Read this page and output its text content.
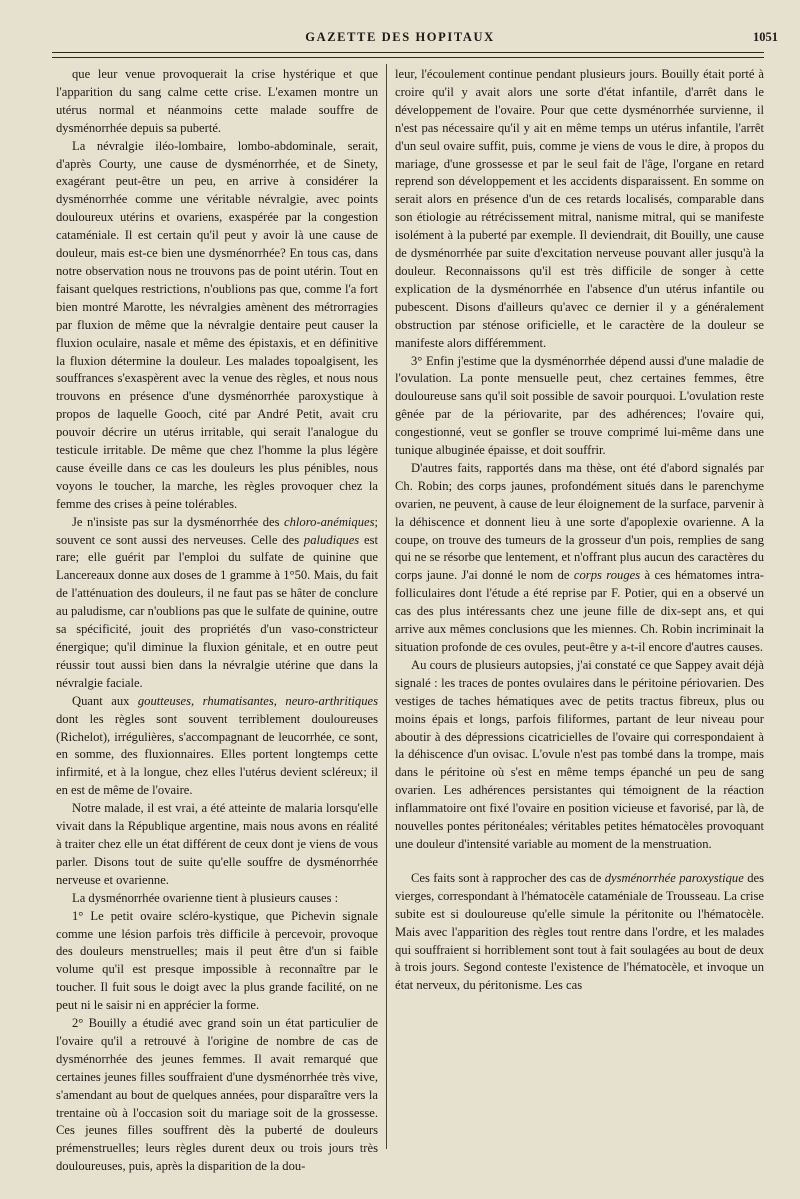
GAZETTE DES HOPITAUX	1051

que leur venue provoquerait la crise hystérique et que l'apparition du sang calme cette crise. L'examen montre un utérus normal et néanmoins cette malade souffre de dysménorrhée depuis sa puberté.

La névralgie iléo-lombaire, lombo-abdominale, serait, d'après Courty, une cause de dysménorrhée, et de Sinety, exagérant peut-être un peu, en arrive à considérer la dysménorrhée comme une véritable névralgie, avec points douloureux utérins et ovariens, exaspérée par la congestion cataméniale. Il est certain qu'il peut y avoir là une cause de douleur, mais est-ce bien une dysménorrhée? En tous cas, dans notre observation nous ne trouvons pas de point utérin. Tout en faisant quelques restrictions, n'oublions pas que, comme l'a fort bien montré Marotte, les névralgies amènent des métrorragies par fluxion de même que la névralgie dentaire peut causer la fluxion oculaire, nasale et même des épistaxis, et en définitive la fluxion détermine la douleur. Les malades topoalgisent, les souffrances s'exaspèrent avec la venue des règles, et nous nous trouvons en présence d'une dysménorrhée paroxystique à propos de laquelle Gooch, cité par André Petit, avait cru pouvoir décrire un utérus irritable, qui serait l'analogue du testicule irritable. De même que chez l'homme la plus légère cause éveille dans ce cas les douleurs les plus pénibles, nous voyons le toucher, la marche, les règles provoquer chez la femme des crises à peine tolérables.

Je n'insiste pas sur la dysménorrhée des chloro-anémiques; souvent ce sont aussi des nerveuses. Celle des paludiques est rare; elle guérit par l'emploi du sulfate de quinine que Lancereaux donne aux doses de 1 gramme à 1°50. Mais, du fait de l'atténuation des douleurs, il ne faut pas se hâter de conclure au paludisme, car n'oublions pas que le sulfate de quinine, outre sa spécificité, jouit des propriétés d'un vaso-constricteur énergique; qu'il diminue la fluxion génitale, et en outre peut réussir tout aussi bien dans la névralgie utérine que dans la névralgie faciale.

Quant aux goutteuses, rhumatisantes, neuro-arthritiques dont les règles sont souvent terriblement douloureuses (Richelot), irrégulières, s'accompagnant de leucorrhée, ce sont, en somme, des fluxionnaires. Elles portent longtemps cette infirmité, et à la longue, chez elles l'utérus devient scléreux; il en est de même de l'ovaire.

Notre malade, il est vrai, a été atteinte de malaria lorsqu'elle vivait dans la République argentine, mais nous avons en réalité à traiter chez elle un état différent de ceux dont je viens de vous parler. Disons tout de suite qu'elle souffre de dysménorrhée nerveuse et ovarienne.

La dysménorrhée ovarienne tient à plusieurs causes :

1° Le petit ovaire scléro-kystique, que Pichevin signale comme une lésion parfois très difficile à percevoir, provoque des douleurs menstruelles; mais il peut être d'un si faible volume qu'il est presque impossible à reconnaître par le toucher. Il fuit sous le doigt avec la plus grande facilité, on ne peut ni le saisir ni en apprécier la forme.

2° Bouilly a étudié avec grand soin un état particulier de l'ovaire qu'il a retrouvé à l'origine de nombre de cas de dysménorrhée des jeunes femmes. Il avait remarqué que certaines jeunes filles souffraient d'une dysménorrhée très vive, s'amendant au bout de quelques années, pour disparaître vers la trentaine où à l'occasion soit du mariage soit de la grossesse. Ces jeunes filles souffrent dès la puberté de douleurs prémenstruelles; leurs règles durent deux ou trois jours très douloureuses, puis, après la disparition de la dou-

leur, l'écoulement continue pendant plusieurs jours. Bouilly était porté à croire qu'il y avait alors une sorte d'état infantile, d'arrêt dans le développement de l'ovaire. Pour que cette dysménorrhée survienne, il n'est pas nécessaire qu'il y ait en même temps un utérus infantile, l'arrêt d'un seul ovaire suffit, puis, comme je viens de vous le dire, à propos du mariage, d'une grossesse et par le seul fait de l'âge, l'organe en retard reprend son développement et les accidents disparaissent. En somme on serait alors en présence d'un de ces retards localisés, comparable dans son étiologie au rétrécissement mitral, nanisme mitral, qui se manifeste isolément à la puberté par exemple. Il deviendrait, dit Bouilly, une cause de dysménorrhée par suite d'excitation nerveuse pouvant aller jusqu'à la douleur. Reconnaissons qu'il est très difficile de songer à cette explication de la dysménorrhée en l'absence d'un utérus infantile ou pubescent. Disons d'ailleurs qu'avec ce dernier il y a généralement obstruction par sténose orificielle, et le caractère de la douleur se manifeste alors différemment.

3° Enfin j'estime que la dysménorrhée dépend aussi d'une maladie de l'ovulation. La ponte mensuelle peut, chez certaines femmes, être douloureuse sans qu'il soit possible de savoir pourquoi. L'ovulation reste gênée par de la périovarite, par des adhérences; l'ovaire qui, congestionné, veut se gonfler se trouve comprimé lui-même dans une tunique albuginée épaisse, et doit souffrir.

D'autres faits, rapportés dans ma thèse, ont été d'abord signalés par Ch. Robin; des corps jaunes, profondément situés dans le parenchyme ovarien, ne peuvent, à cause de leur éloignement de la surface, parvenir à la déhiscence et donnent lieu à une sorte d'apoplexie ovarienne. A la coupe, on trouve des tumeurs de la grosseur d'un pois, remplies de sang qui ne se résorbe que lentement, et n'offrant plus aucun des caractères du corps jaune. J'ai donné le nom de corps rouges à ces hématomes intra-folliculaires dont l'étude a été reprise par F. Potier, qui en a observé un cas des plus intéressants chez une jeune fille de dix-sept ans, et qui arrive aux mêmes conclusions que les miennes. Ch. Robin incriminait la situation profonde de ces ovules, peut-être y a-t-il encore d'autres causes.

Au cours de plusieurs autopsies, j'ai constaté ce que Sappey avait déjà signalé : les traces de pontes ovulaires dans le péritoine périovarien. Des vestiges de taches hématiques avec de petits tractus fibreux, plus ou moins épais et longs, parfois filiformes, partant de leur niveau pour aboutir à des dépressions cicatricielles de l'ovaire qui correspondaient à la déhiscence d'un ovisac. L'ovule n'est pas tombé dans la trompe, mais dans le péritoine où s'est en même temps épanché un peu de sang ovarien. Les adhérences persistantes qui témoignent de la réaction inflammatoire ont fixé l'ovaire en position vicieuse et favorisé, par là, de nouvelles pontes péritonéales; véritables petites hématocèles provoquant une douleur d'intensité variable au moment de la menstruation.

Ces faits sont à rapprocher des cas de dysménorrhée paroxystique des vierges, correspondant à l'hématocèle cataméniale de Trousseau. La crise subite est si douloureuse qu'elle simule la péritonite ou l'hématocèle. Mais avec l'apparition des règles tout rentre dans l'ordre, et les malades qui souffraient si horriblement sont tout à fait soulagées au bout de deux à trois jours. Segond conteste l'existence de l'hématocèle, et invoque un état nerveux, du péritonisme. Les cas
